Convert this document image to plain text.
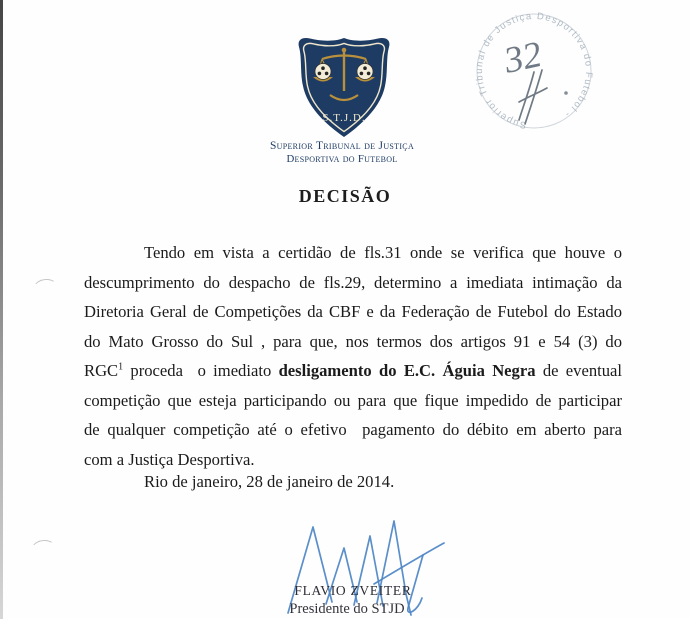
S.T.J.D.
Superior Tribunal de Justiça
Desportiva do Futebol
Superior Tribunal de Justiça Desportiva do Futebol -
32
DECISÃO
Tendo em vista a certidão de fls.31 onde se verifica que houve o
descumprimento do despacho de fls.29, determino a imediata intimação da
Diretoria Geral de Competições da CBF e da Federação de Futebol do Estado
do Mato Grosso do Sul , para que, nos termos dos artigos 91 e 54 (3) do
RGC$^1$ proceda  o imediato desligamento do E.C. Águia Negra de eventual
competição que esteja participando ou para que fique impedido de participar
de qualquer competição até o efetivo  pagamento do débito em aberto para
com a Justiça Desportiva.
Rio de janeiro, 28 de janeiro de 2014.
FLAVIO ZVEITER
Presidente do STJD
